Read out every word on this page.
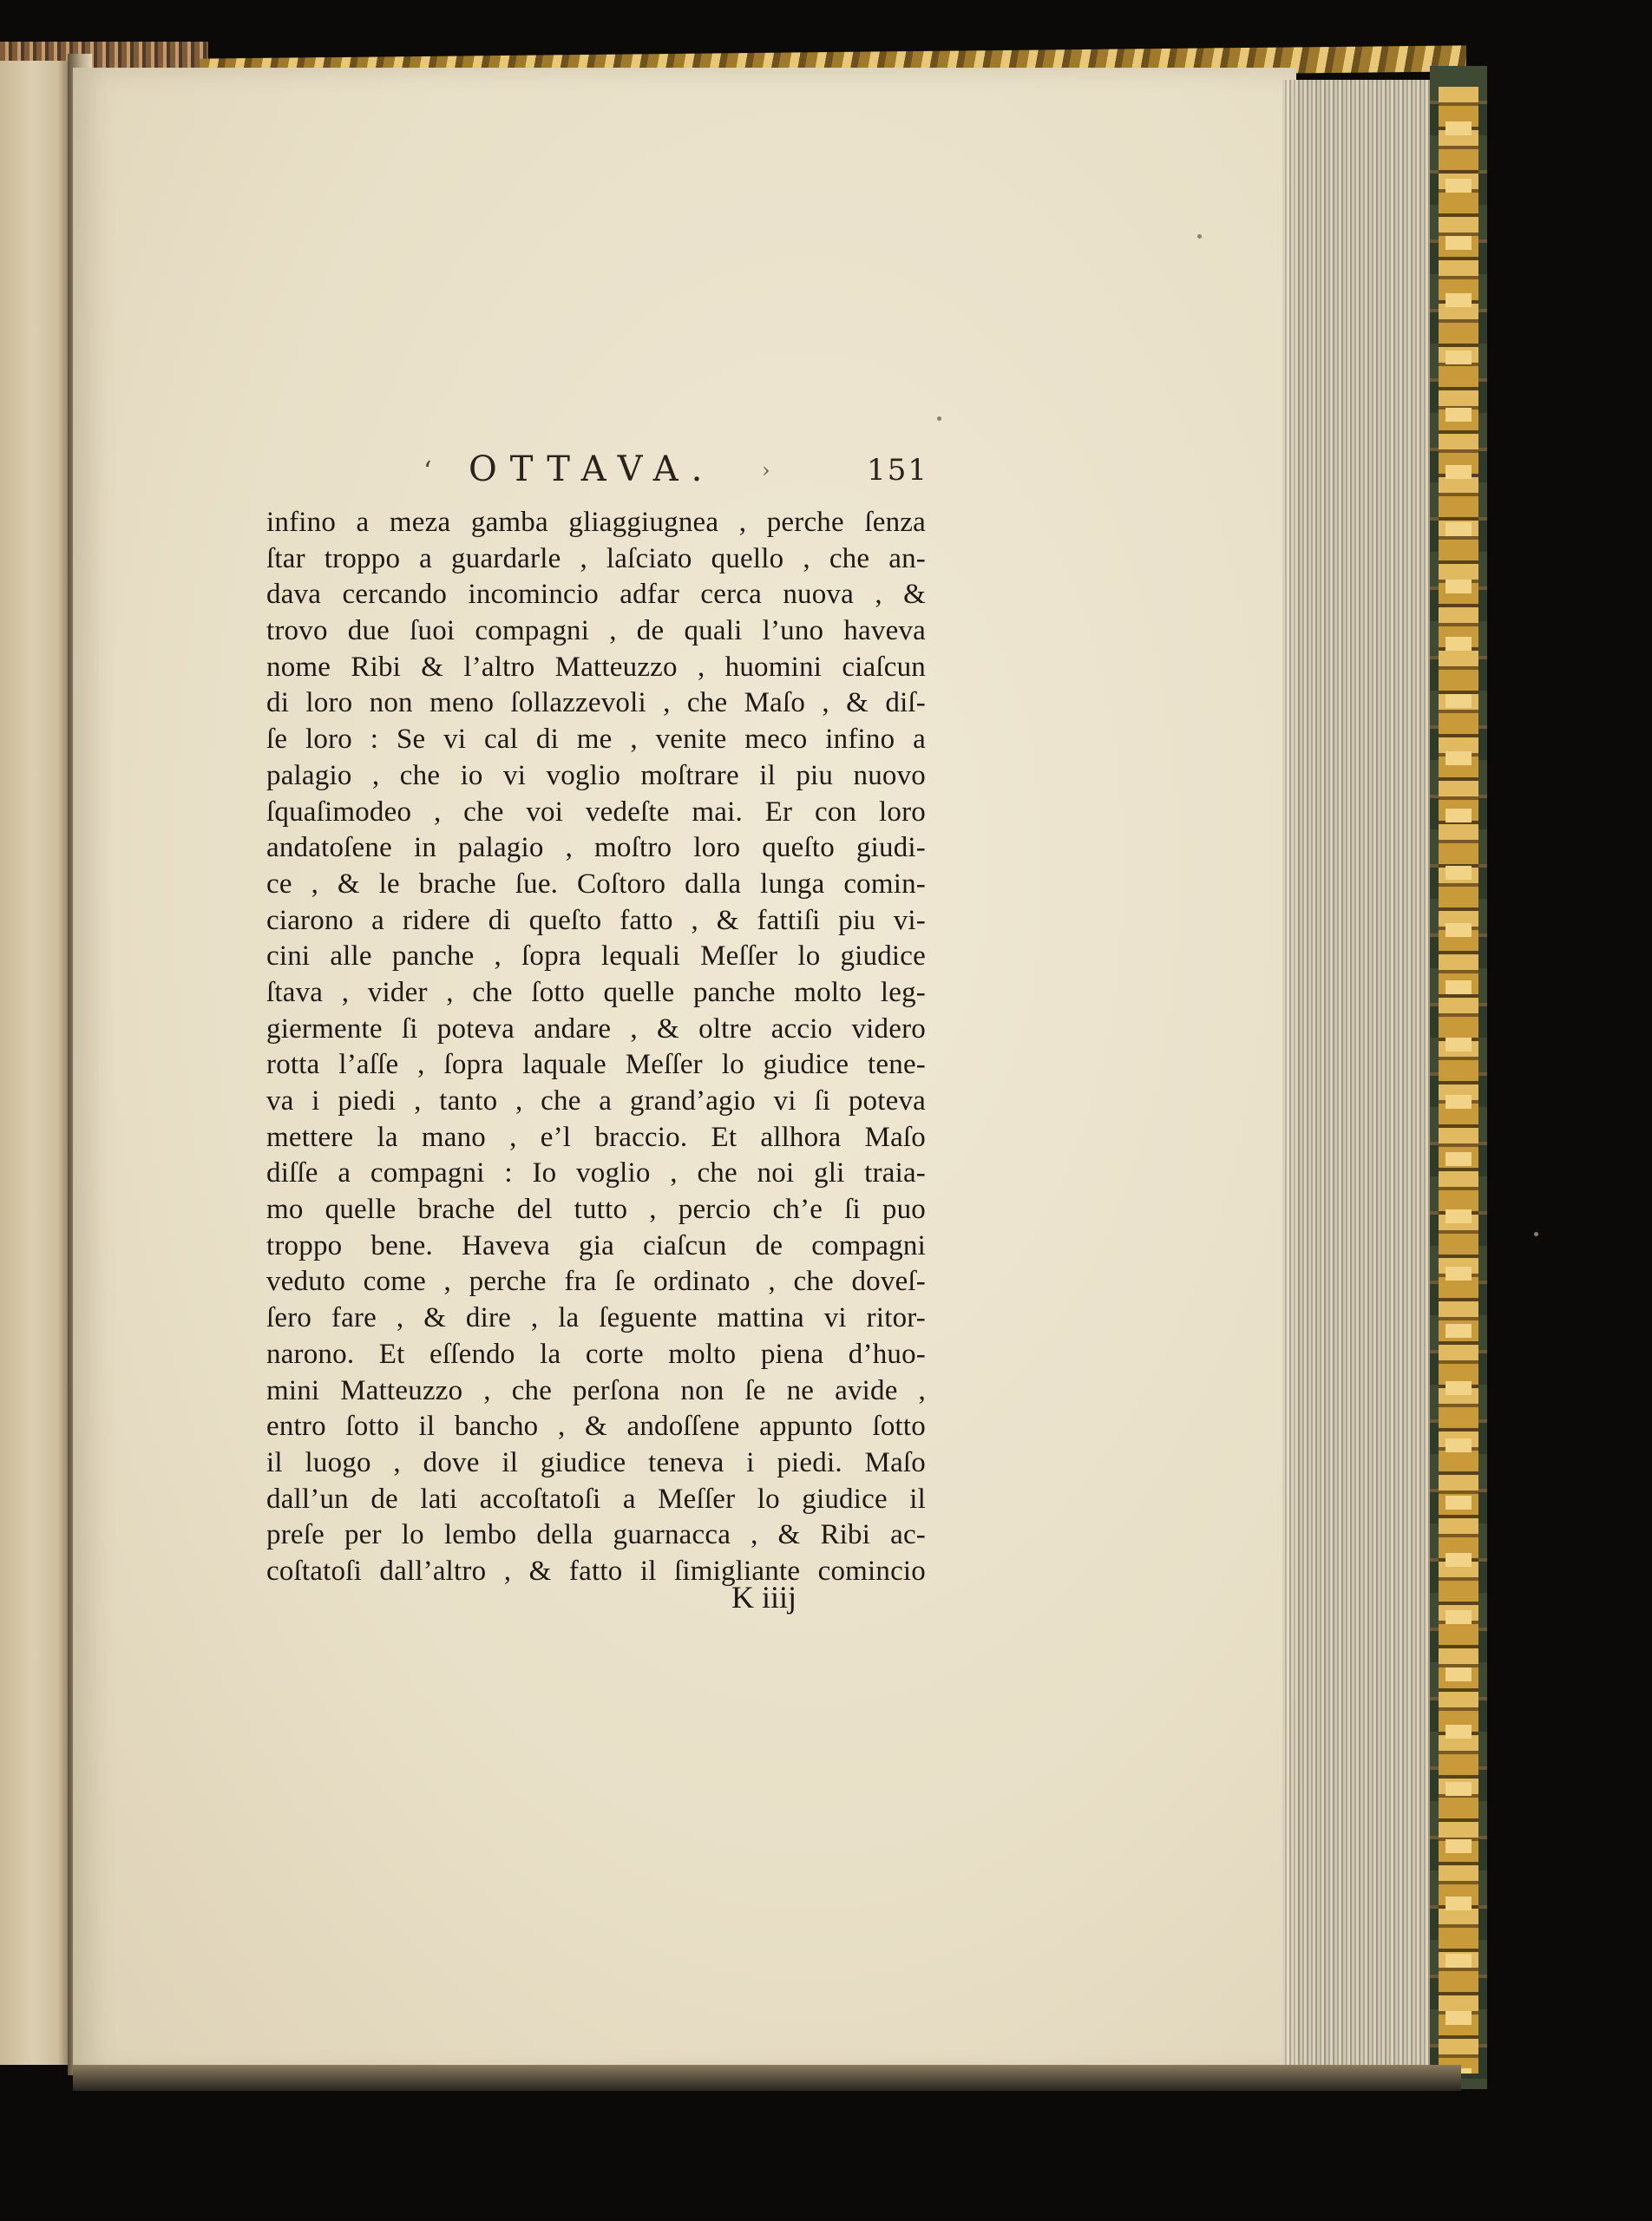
ʻ OTTAVA. ›	151
infino a meza gamba gliaggiugnea , perche ſenza
ſtar troppo a guardarle , laſciato quello , che an-
dava cercando incomincio adfar cerca nuova , &
trovo due ſuoi compagni , de quali l’uno haveva
nome Ribi & l’altro Matteuzzo , huomini ciaſcun
di loro non meno ſollazzevoli , che Maſo , & diſ-
ſe loro : Se vi cal di me , venite meco infino a
palagio , che io vi voglio moſtrare il piu nuovo
ſquaſimodeo , che voi vedeſte mai. Er con loro
andatoſene in palagio , moſtro loro queſto giudi-
ce , & le brache ſue. Coſtoro dalla lunga comin-
ciarono a ridere di queſto fatto , & fattiſi piu vi-
cini alle panche , ſopra lequali Meſſer lo giudice
ſtava , vider , che ſotto quelle panche molto leg-
giermente ſi poteva andare , & oltre accio videro
rotta l’aſſe , ſopra laquale Meſſer lo giudice tene-
va i piedi , tanto , che a grand’agio vi ſi poteva
mettere la mano , e’l braccio. Et allhora Maſo
diſſe a compagni : Io voglio , che noi gli traia-
mo quelle brache del tutto , percio ch’e ſi puo
troppo bene. Haveva gia ciaſcun de compagni
veduto come , perche fra ſe ordinato , che doveſ-
ſero fare , & dire , la ſeguente mattina vi ritor-
narono. Et eſſendo la corte molto piena d’huo-
mini Matteuzzo , che perſona non ſe ne avide ,
entro ſotto il bancho , & andoſſene appunto ſotto
il luogo , dove il giudice teneva i piedi. Maſo
dall’un de lati accoſtatoſi a Meſſer lo giudice il
preſe per lo lembo della guarnacca , & Ribi ac-
coſtatoſi dall’altro , & fatto il ſimigliante comincio
K iiij
